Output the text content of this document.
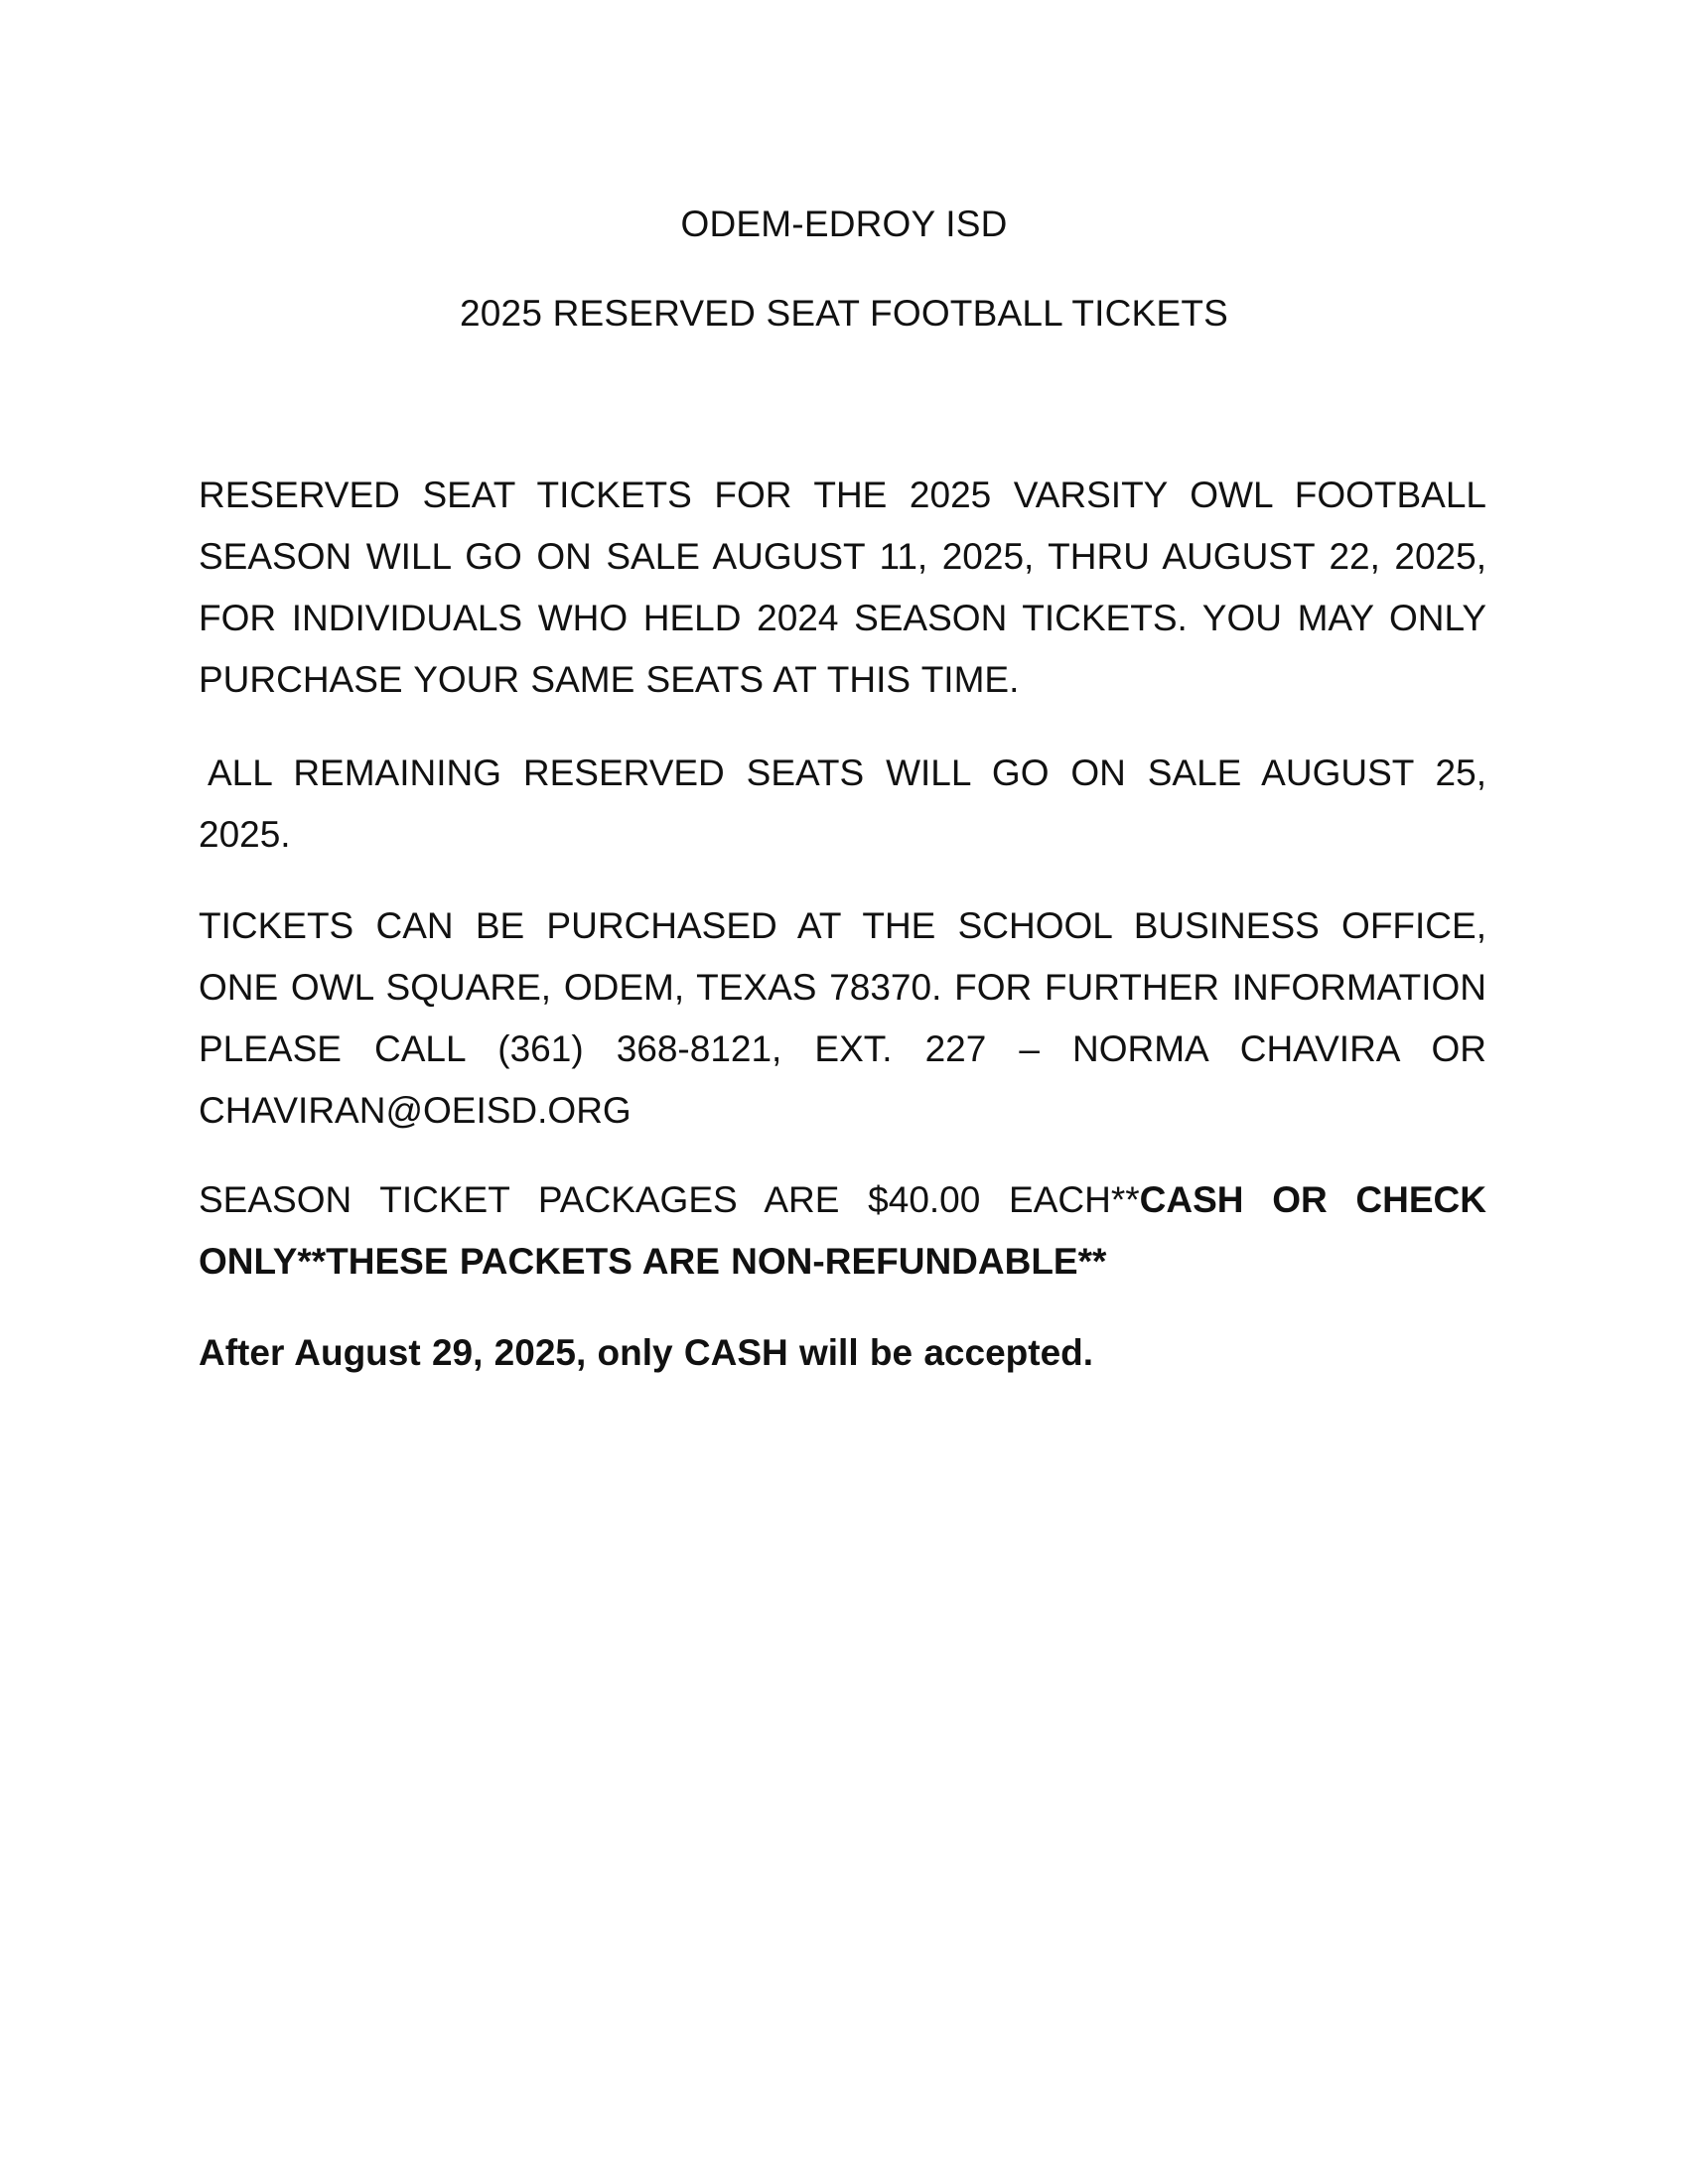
ODEM-EDROY ISD
2025 RESERVED SEAT FOOTBALL TICKETS

RESERVED SEAT TICKETS FOR THE 2025 VARSITY OWL FOOTBALL SEASON WILL GO ON SALE AUGUST 11, 2025, THRU AUGUST 22, 2025, FOR INDIVIDUALS WHO HELD 2024 SEASON TICKETS. YOU MAY ONLY PURCHASE YOUR SAME SEATS AT THIS TIME.

ALL REMAINING RESERVED SEATS WILL GO ON SALE AUGUST 25, 2025.

TICKETS CAN BE PURCHASED AT THE SCHOOL BUSINESS OFFICE, ONE OWL SQUARE, ODEM, TEXAS 78370. FOR FURTHER INFORMATION PLEASE CALL (361) 368-8121, EXT. 227 – NORMA CHAVIRA OR CHAVIRAN@OEISD.ORG

SEASON TICKET PACKAGES ARE $40.00 EACH**CASH OR CHECK ONLY**THESE PACKETS ARE NON-REFUNDABLE**

After August 29, 2025, only CASH will be accepted.
